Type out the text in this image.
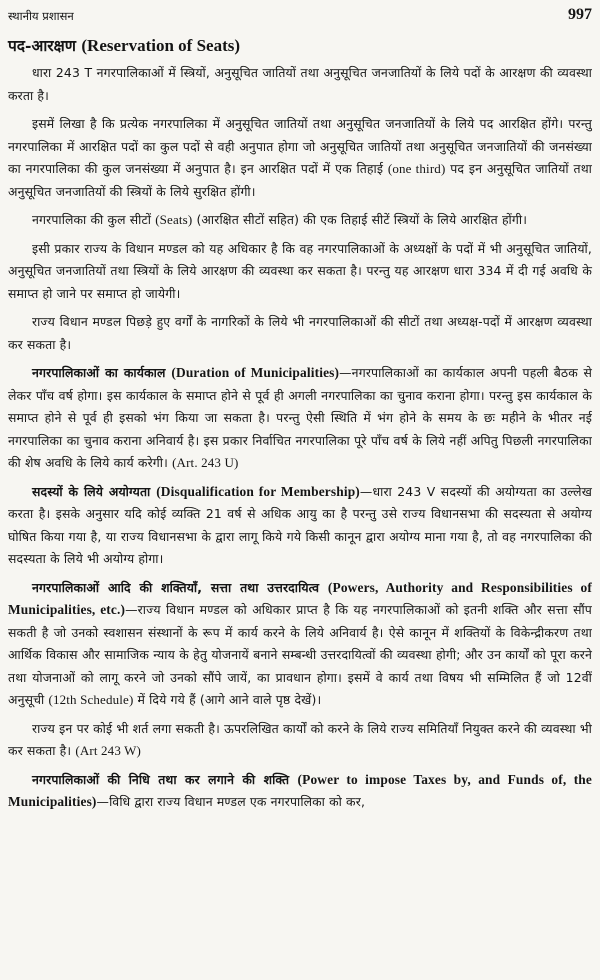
स्थानीय प्रशासन	997
पद-आरक्षण (Reservation of Seats)

धारा 243 T नगरपालिकाओं में स्त्रियों, अनुसूचित जातियों तथा अनुसूचित जनजातियों के लिये पदों के आरक्षण की व्यवस्था करता है।

इसमें लिखा है कि प्रत्येक नगरपालिका में अनुसूचित जातियों तथा अनुसूचित जनजातियों के लिये पद आरक्षित होंगे। परन्तु नगरपालिका में आरक्षित पदों का कुल पदों से वही अनुपात होगा जो अनुसूचित जातियों तथा अनुसूचित जनजातियों की जनसंख्या का नगरपालिका की कुल जनसंख्या में अनुपात है। इन आरक्षित पदों में एक तिहाई (one third) पद इन अनुसूचित जातियों तथा अनुसूचित जनजातियों की स्त्रियों के लिये सुरक्षित होंगी।

नगरपालिका की कुल सीटों (Seats) (आरक्षित सीटों सहित) की एक तिहाई सीटें स्त्रियों के लिये आरक्षित होंगी।

इसी प्रकार राज्य के विधान मण्डल को यह अधिकार है कि वह नगरपालिकाओं के अध्यक्षों के पदों में भी अनुसूचित जातियों, अनुसूचित जनजातियों तथा स्त्रियों के लिये आरक्षण की व्यवस्था कर सकता है। परन्तु यह आरक्षण धारा 334 में दी गई अवधि के समाप्त हो जाने पर समाप्त हो जायेगी।

राज्य विधान मण्डल पिछड़े हुए वर्गों के नागरिकों के लिये भी नगरपालिकाओं की सीटों तथा अध्यक्ष-पदों में आरक्षण व्यवस्था कर सकता है।

नगरपालिकाओं का कार्यकाल (Duration of Municipalities)—नगरपालिकाओं का कार्यकाल अपनी पहली बैठक से लेकर पाँच वर्ष होगा। इस कार्यकाल के समाप्त होने से पूर्व ही अगली नगरपालिका का चुनाव कराना होगा। परन्तु इस कार्यकाल के समाप्त होने से पूर्व ही इसको भंग किया जा सकता है। परन्तु ऐसी स्थिति में भंग होने के समय के छः महीने के भीतर नई नगरपालिका का चुनाव कराना अनिवार्य है। इस प्रकार निर्वाचित नगरपालिका पूरे पाँच वर्ष के लिये नहीं अपितु पिछली नगरपालिका की शेष अवधि के लिये कार्य करेगी। (Art. 243 U)

सदस्यों के लिये अयोग्यता (Disqualification for Membership)—धारा 243 V सदस्यों की अयोग्यता का उल्लेख करता है। इसके अनुसार यदि कोई व्यक्ति 21 वर्ष से अधिक आयु का है परन्तु उसे राज्य विधानसभा की सदस्यता से अयोग्य घोषित किया गया है, या राज्य विधानसभा के द्वारा लागू किये गये किसी कानून द्वारा अयोग्य माना गया है, तो वह नगरपालिका की सदस्यता के लिये भी अयोग्य होगा।

नगरपालिकाओं आदि की शक्तियाँ, सत्ता तथा उत्तरदायित्व (Powers, Authority and Responsibilities of Municipalities, etc.)—राज्य विधान मण्डल को अधिकार प्राप्त है कि यह नगरपालिकाओं को इतनी शक्ति और सत्ता सौंप सकती है जो उनको स्वशासन संस्थानों के रूप में कार्य करने के लिये अनिवार्य है। ऐसे कानून में शक्तियों के विकेन्द्रीकरण तथा आर्थिक विकास और सामाजिक न्याय के हेतु योजनायें बनाने सम्बन्धी उत्तरदायित्वों की व्यवस्था होगी; और उन कार्यों को पूरा करने तथा योजनाओं को लागू करने जो उनको सौंपे जायें, का प्रावधान होगा। इसमें वे कार्य तथा विषय भी सम्मिलित हैं जो 12वीं अनुसूची (12th Schedule) में दिये गये हैं (आगे आने वाले पृष्ठ देखें)।

राज्य इन पर कोई भी शर्त लगा सकती है। ऊपरलिखित कार्यों को करने के लिये राज्य समितियाँ नियुक्त करने की व्यवस्था भी कर सकता है। (Art 243 W)

नगरपालिकाओं की निधि तथा कर लगाने की शक्ति (Power to impose Taxes by, and Funds of, the Municipalities)—विधि द्वारा राज्य विधान मण्डल एक नगरपालिका को कर,
